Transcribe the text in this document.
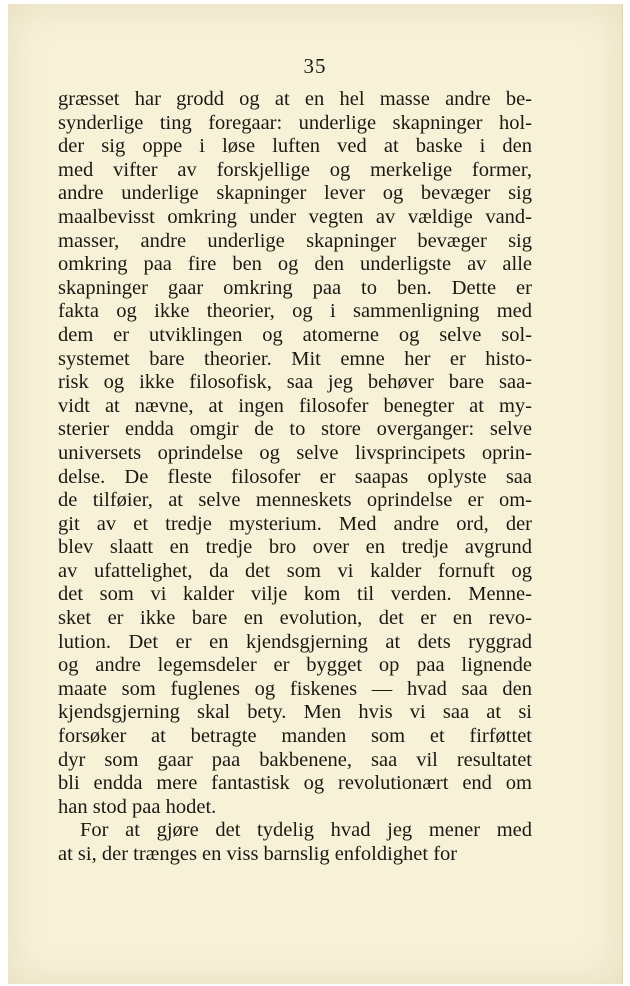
35
græsset har grodd og at en hel masse andre be-
synderlige ting foregaar: underlige skapninger hol-
der sig oppe i løse luften ved at baske i den
med vifter av forskjellige og merkelige former,
andre underlige skapninger lever og bevæger sig
maalbevisst omkring under vegten av vældige vand-
masser, andre underlige skapninger bevæger sig
omkring paa fire ben og den underligste av alle
skapninger gaar omkring paa to ben. Dette er
fakta og ikke theorier, og i sammenligning med
dem er utviklingen og atomerne og selve sol-
systemet bare theorier. Mit emne her er histo-
risk og ikke filosofisk, saa jeg behøver bare saa-
vidt at nævne, at ingen filosofer benegter at my-
sterier endda omgir de to store overganger: selve
universets oprindelse og selve livsprincipets oprin-
delse. De fleste filosofer er saapas oplyste saa
de tilføier, at selve menneskets oprindelse er om-
git av et tredje mysterium. Med andre ord, der
blev slaatt en tredje bro over en tredje avgrund
av ufattelighet, da det som vi kalder fornuft og
det som vi kalder vilje kom til verden. Menne-
sket er ikke bare en evolution, det er en revo-
lution. Det er en kjendsgjerning at dets ryggrad
og andre legemsdeler er bygget op paa lignende
maate som fuglenes og fiskenes — hvad saa den
kjendsgjerning skal bety. Men hvis vi saa at si
forsøker at betragte manden som et firføttet
dyr som gaar paa bakbenene, saa vil resultatet
bli endda mere fantastisk og revolutionært end om
han stod paa hodet.
For at gjøre det tydelig hvad jeg mener med
at si, der trænges en viss barnslig enfoldighet for
